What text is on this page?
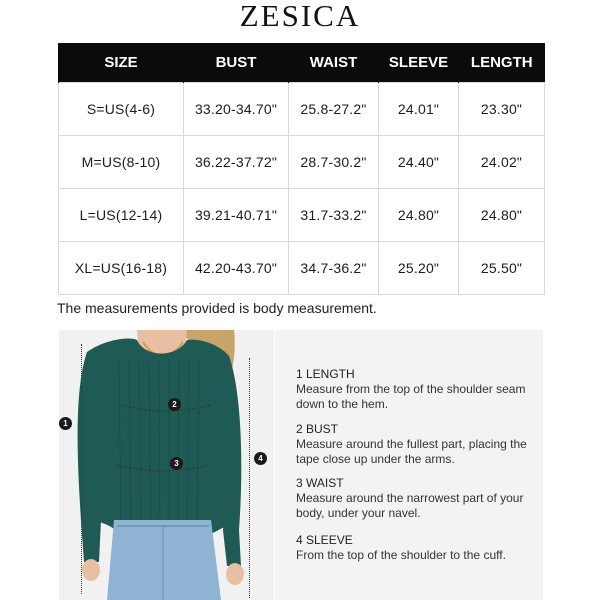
ZESICA
SIZE	BUST	WAIST	SLEEVE	LENGTH
S=US(4-6)	33.20-34.70"	25.8-27.2"	24.01"	23.30"
M=US(8-10)	36.22-37.72"	28.7-30.2"	24.40"	24.02"
L=US(12-14)	39.21-40.71"	31.7-33.2"	24.80"	24.80"
XL=US(16-18)	42.20-43.70"	34.7-36.2"	25.20"	25.50"
The measurements provided is body measurement.
1
2
3
4
1 LENGTH
Measure from the top of the shoulder seam down to the hem.
2 BUST
Measure around the fullest part, placing the tape close up under the arms.
3 WAIST
Measure around the narrowest part of your body, under your navel.
4 SLEEVE
From the top of the shoulder to the cuff.
